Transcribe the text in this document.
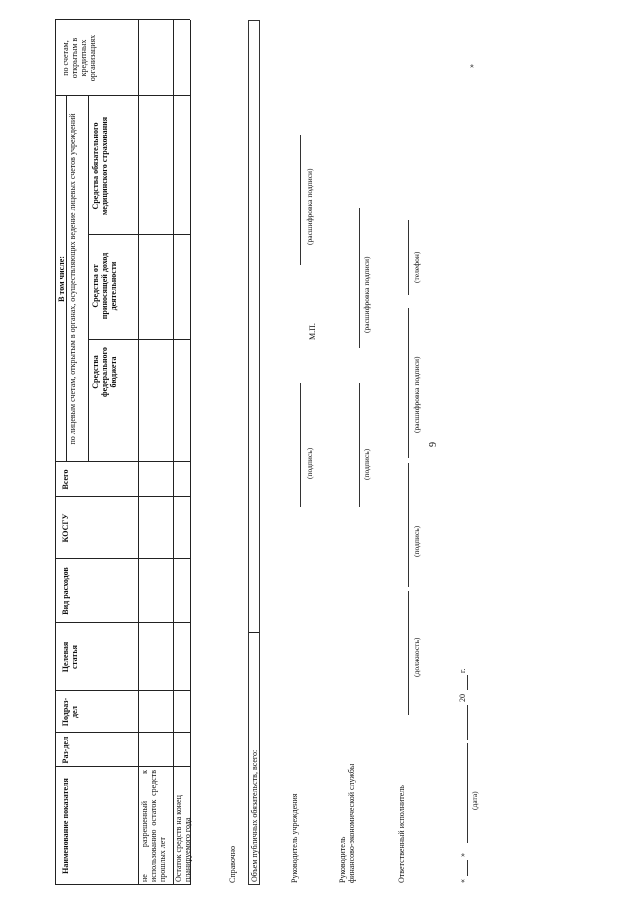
9
Наименование показателя
Раз-дел
Подраз-дел
Целевая статья
Вид расходов
КОСГУ
Всего
В том числе: по лицевым счетам, открытым в органах, осуществляющих ведение лицевых счетов учреждений Средства федерального бюджета
Средства от приносящей доход деятельности
Средства обязательного медицинского страхования
по счетам, открытым в кредитных организациях
не разрешенный к использованию остаток средств прошлых лет Остаток средств на конец планируемого года	Справочно Объем публичных обязательств, всего:	Руководитель учреждения
(подпись)
М.П.
(расшифровка подписи)
Руководитель финансово-экономической службы
(подпись)
(расшифровка подписи)
Ответственный исполнитель
(должность)
(подпись)
(расшифровка подписи)
(телефон)
«
»
(дата)
20
г.
»
